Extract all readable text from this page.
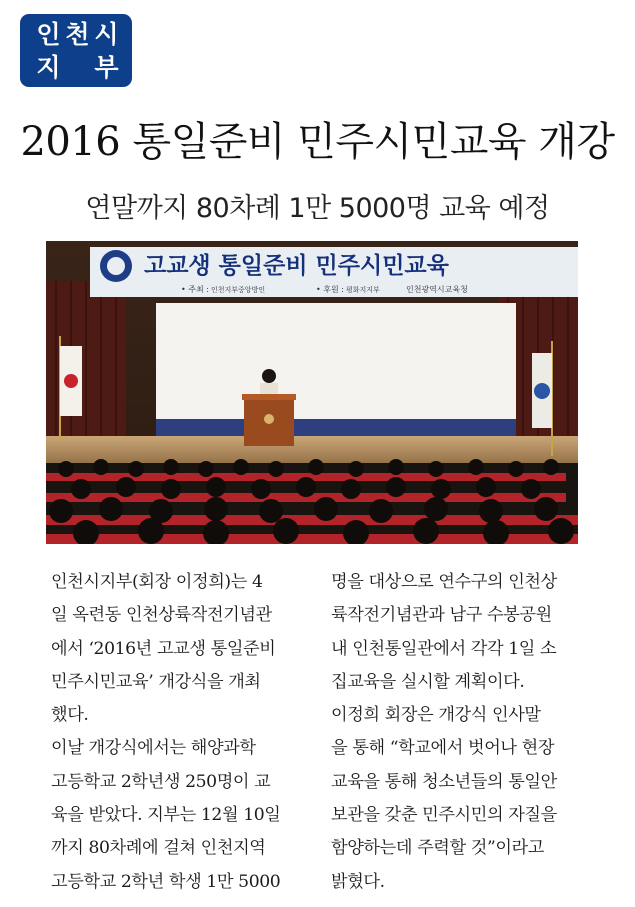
인 천 시
지 부
2016 통일준비 민주시민교육 개강
연말까지 80차례 1만 5000명 교육 예정
고교생 통일준비 민주시민교육
• 주최 : 인천지부중앙방인	• 후원 : 평화지지부	인천광역시교육청
인천시지부(회장 이정희)는 4
일 옥련동 인천상륙작전기념관
에서 ‘2016년 고교생 통일준비
민주시민교육’ 개강식을 개최
했다.
이날 개강식에서는 해양과학
고등학교 2학년생 250명이 교
육을 받았다. 지부는 12월 10일
까지 80차례에 걸쳐 인천지역
고등학교 2학년 학생 1만 5000
명을 대상으로 연수구의 인천상
륙작전기념관과 남구 수봉공원
내 인천통일관에서 각각 1일 소
집교육을 실시할 계획이다.
이정희 회장은 개강식 인사말
을 통해 “학교에서 벗어나 현장
교육을 통해 청소년들의 통일안
보관을 갖춘 민주시민의 자질을
함양하는데 주력할 것”이라고
밝혔다.
